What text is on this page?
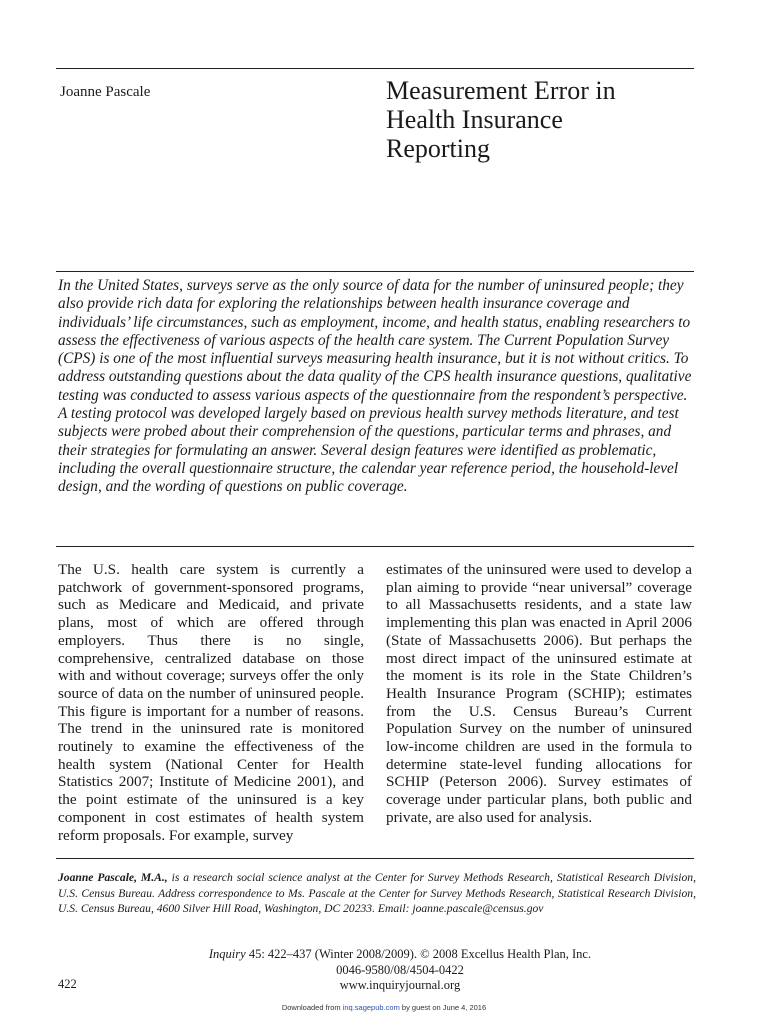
Joanne Pascale	Measurement Error in
Health Insurance
Reporting

In the United States, surveys serve as the only source of data for the number of uninsured people; they also provide rich data for exploring the relationships between health insurance coverage and individuals’ life circumstances, such as employment, income, and health status, enabling researchers to assess the effectiveness of various aspects of the health care system. The Current Population Survey (CPS) is one of the most influential surveys measuring health insurance, but it is not without critics. To address outstanding questions about the data quality of the CPS health insurance questions, qualitative testing was conducted to assess various aspects of the questionnaire from the respondent’s perspective. A testing protocol was developed largely based on previous health survey methods literature, and test subjects were probed about their comprehension of the questions, particular terms and phrases, and their strategies for formulating an answer. Several design features were identified as problematic, including the overall questionnaire structure, the calendar year reference period, the household-level design, and the wording of questions on public coverage.

The U.S. health care system is currently a patchwork of government-sponsored programs, such as Medicare and Medicaid, and private plans, most of which are offered through employers. Thus there is no single, comprehensive, centralized database on those with and without coverage; surveys offer the only source of data on the number of uninsured people. This figure is important for a number of reasons. The trend in the uninsured rate is monitored routinely to examine the effectiveness of the health system (National Center for Health Statistics 2007; Institute of Medicine 2001), and the point estimate of the uninsured is a key component in cost estimates of health system reform proposals. For example, survey

estimates of the uninsured were used to develop a plan aiming to provide “near universal” coverage to all Massachusetts residents, and a state law implementing this plan was enacted in April 2006 (State of Massachusetts 2006). But perhaps the most direct impact of the uninsured estimate at the moment is its role in the State Children’s Health Insurance Program (SCHIP); estimates from the U.S. Census Bureau’s Current Population Survey on the number of uninsured low-income children are used in the formula to determine state-level funding allocations for SCHIP (Peterson 2006). Survey estimates of coverage under particular plans, both public and private, are also used for analysis.

Joanne Pascale, M.A., is a research social science analyst at the Center for Survey Methods Research, Statistical Research Division, U.S. Census Bureau. Address correspondence to Ms. Pascale at the Center for Survey Methods Research, Statistical Research Division, U.S. Census Bureau, 4600 Silver Hill Road, Washington, DC 20233. Email: joanne.pascale@census.gov

Inquiry 45: 422–437 (Winter 2008/2009). © 2008 Excellus Health Plan, Inc.
0046-9580/08/4504-0422
www.inquiryjournal.org
422
Downloaded from inq.sagepub.com by guest on June 4, 2016
